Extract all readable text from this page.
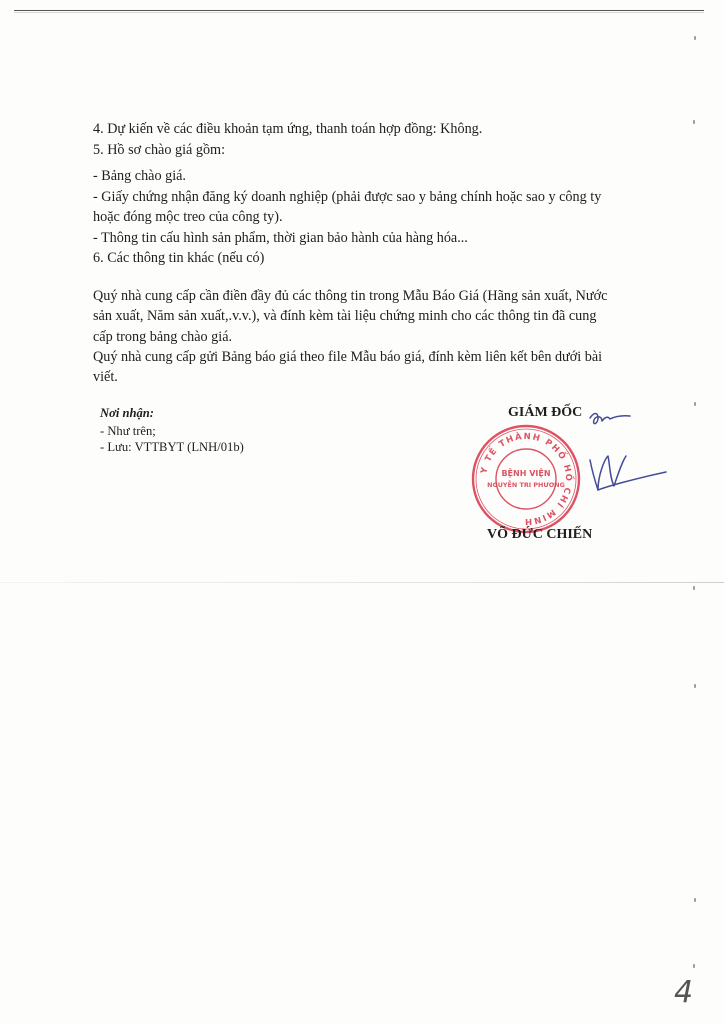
4. Dự kiến về các điều khoản tạm ứng, thanh toán hợp đồng: Không.
5. Hồ sơ chào giá gồm:
- Bảng chào giá.
- Giấy chứng nhận đăng ký doanh nghiệp (phải được sao y bảng chính hoặc sao y công ty
hoặc đóng mộc treo của công ty).
- Thông tin cấu hình sản phẩm, thời gian bảo hành của hàng hóa...
6. Các thông tin khác (nếu có)
Quý nhà cung cấp cần điền đầy đủ các thông tin trong Mẫu Báo Giá (Hãng sản xuất, Nước
sản xuất, Năm sản xuất,.v.v.), và đính kèm tài liệu chứng minh cho các thông tin đã cung
cấp trong bảng chào giá.
Quý nhà cung cấp gửi Bảng báo giá theo file Mẫu báo giá, đính kèm liên kết bên dưới bài
viết.
Nơi nhận:
- Như trên;
- Lưu: VTTBYT (LNH/01b)
GIÁM ĐỐC
Y TẾ THÀNH PHỐ HỒ CHÍ MINH
BỆNH VIỆN
NGUYỄN TRI PHƯƠNG
VÕ ĐỨC CHIẾN
4
